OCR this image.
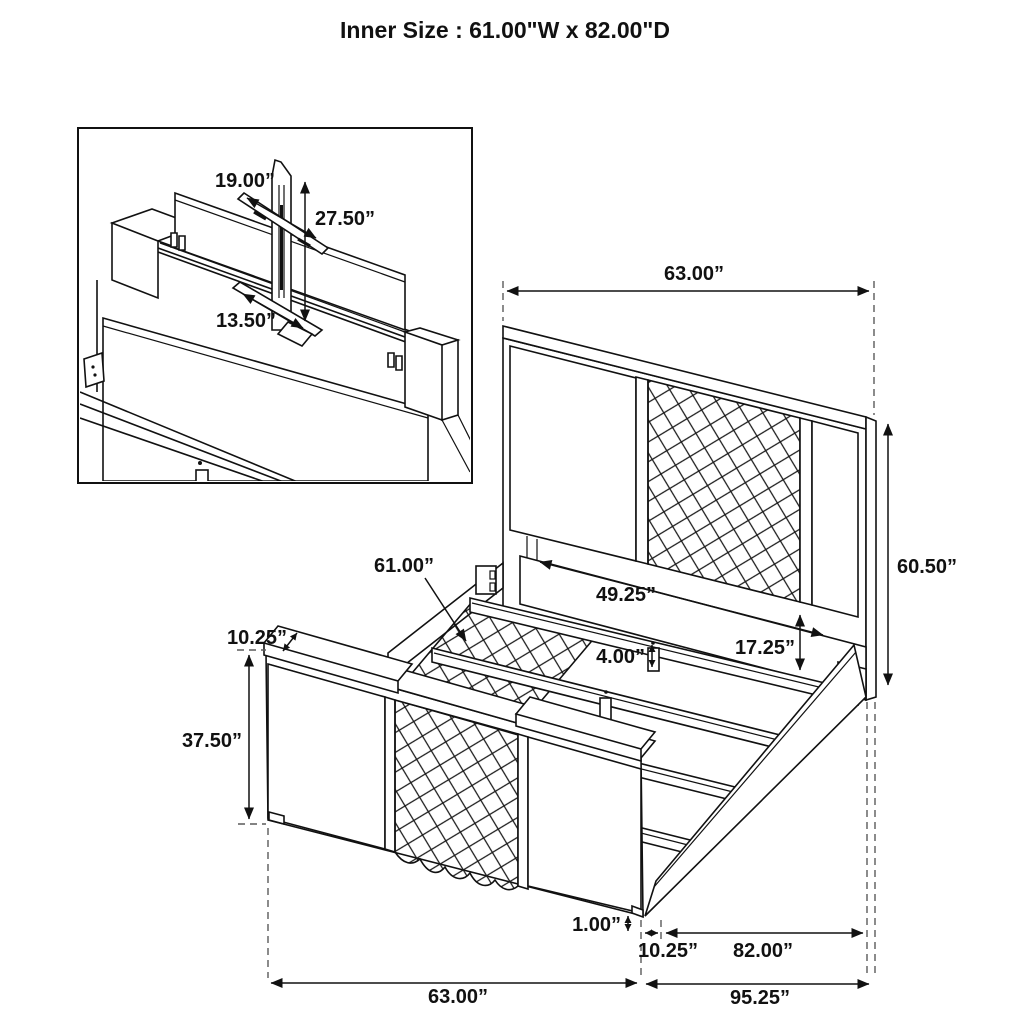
Inner Size : 61.00"W x 82.00"D
19.00”
27.50”
13.50”
63.00”
60.50”
49.25”
17.25”
4.00”
61.00”
10.25”
37.50”
1.00”
10.25” 82.00”
63.00”	95.25”
